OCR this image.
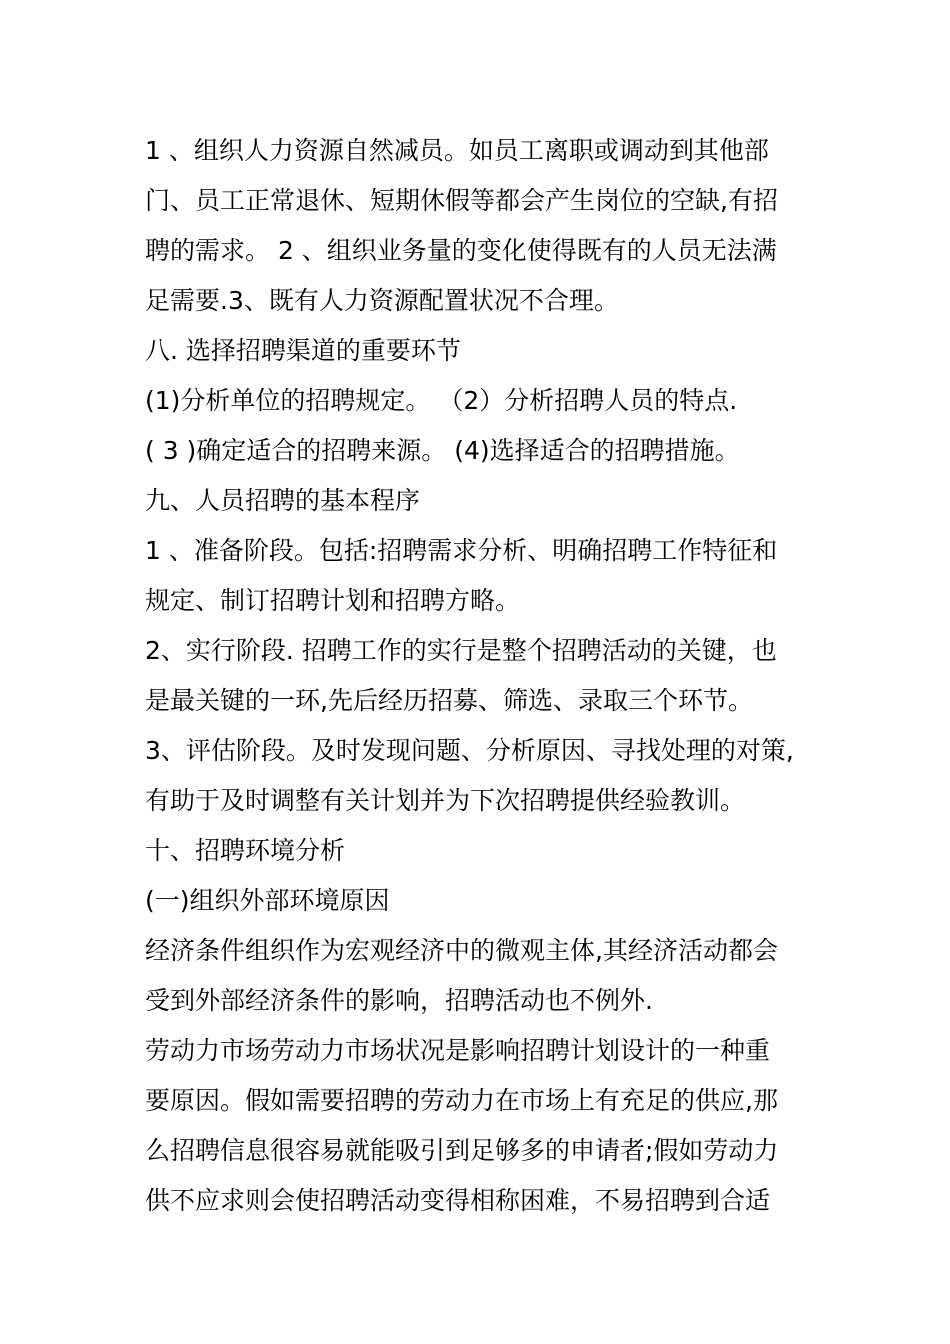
1 、组织人力资源自然减员。如员工离职或调动到其他部
门、员工正常退休、短期休假等都会产生岗位的空缺,有招
聘的需求。 2 、组织业务量的变化使得既有的人员无法满
足需要.3、既有人力资源配置状况不合理。
八. 选择招聘渠道的重要环节
(1)分析单位的招聘规定。 （2）分析招聘人员的特点.
( 3 )确定适合的招聘来源。 (4)选择适合的招聘措施。
九、人员招聘的基本程序
1 、准备阶段。包括:招聘需求分析、明确招聘工作特征和
规定、制订招聘计划和招聘方略。
2、实行阶段. 招聘工作的实行是整个招聘活动的关键，也
是最关键的一环,先后经历招募、筛选、录取三个环节。
3、评估阶段。及时发现问题、分析原因、寻找处理的对策,
有助于及时调整有关计划并为下次招聘提供经验教训。
十、招聘环境分析
(一)组织外部环境原因
经济条件组织作为宏观经济中的微观主体,其经济活动都会
受到外部经济条件的影响，招聘活动也不例外.
劳动力市场劳动力市场状况是影响招聘计划设计的一种重
要原因。假如需要招聘的劳动力在市场上有充足的供应,那
么招聘信息很容易就能吸引到足够多的申请者;假如劳动力
供不应求则会使招聘活动变得相称困难，不易招聘到合适
